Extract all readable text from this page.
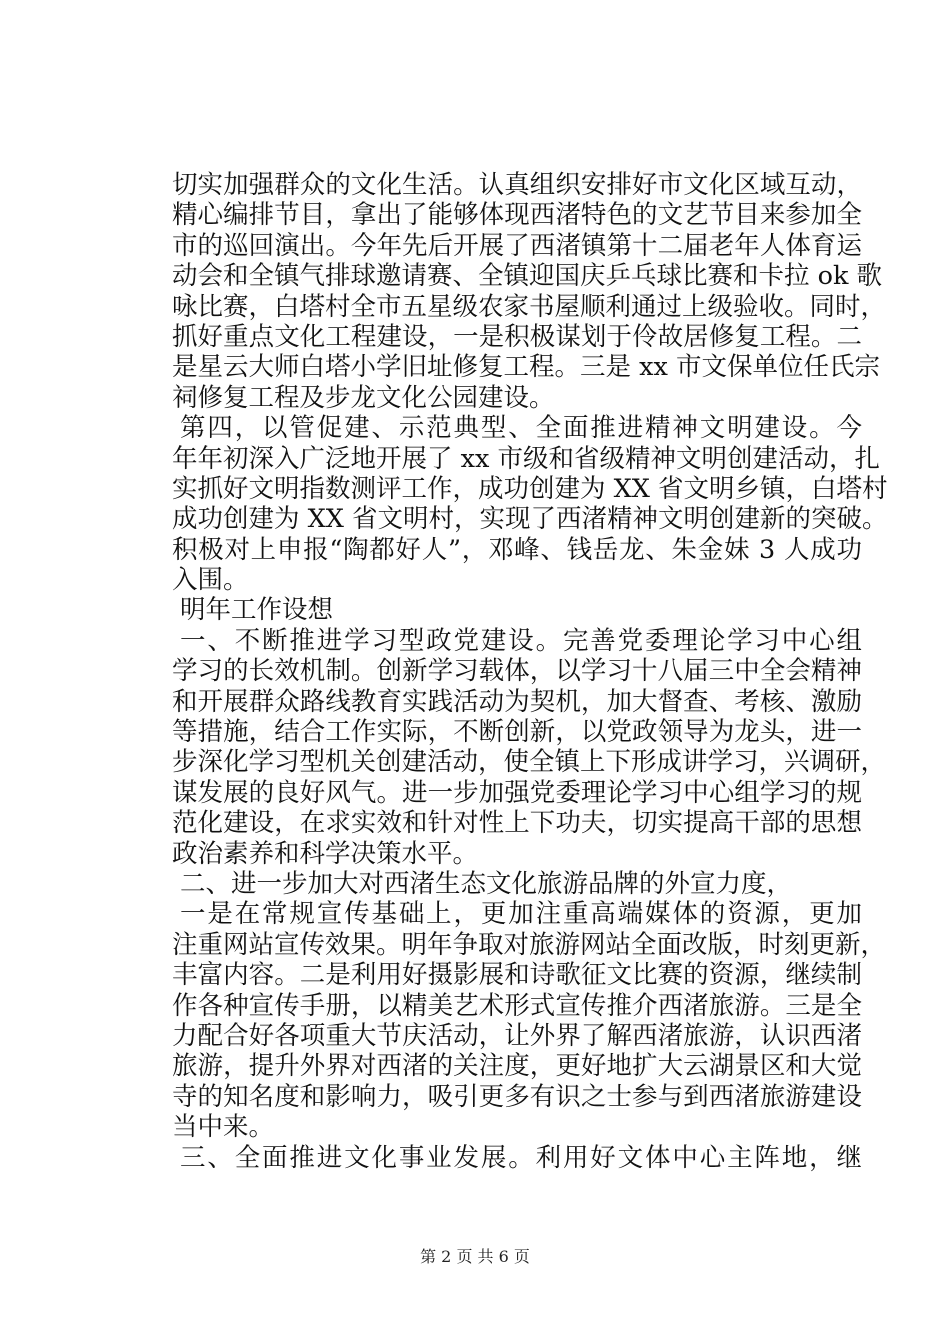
切实加强群众的文化生活。认真组织安排好市文化区域互动，
精心编排节目，拿出了能够体现西渚特色的文艺节目来参加全
市的巡回演出。今年先后开展了西渚镇第十二届老年人体育运
动会和全镇气排球邀请赛、全镇迎国庆乒乓球比赛和卡拉 ok 歌
咏比赛，白塔村全市五星级农家书屋顺利通过上级验收。同时，
抓好重点文化工程建设，一是积极谋划于伶故居修复工程。二
是星云大师白塔小学旧址修复工程。三是 xx 市文保单位任氏宗
祠修复工程及步龙文化公园建设。
第四，以管促建、示范典型、全面推进精神文明建设。今
年年初深入广泛地开展了 xx 市级和省级精神文明创建活动，扎
实抓好文明指数测评工作，成功创建为 XX 省文明乡镇，白塔村
成功创建为 XX 省文明村，实现了西渚精神文明创建新的突破。
积极对上申报“陶都好人”，邓峰、钱岳龙、朱金妹 3 人成功
入围。
明年工作设想
一、不断推进学习型政党建设。完善党委理论学习中心组
学习的长效机制。创新学习载体，以学习十八届三中全会精神
和开展群众路线教育实践活动为契机，加大督查、考核、激励
等措施，结合工作实际，不断创新，以党政领导为龙头，进一
步深化学习型机关创建活动，使全镇上下形成讲学习，兴调研，
谋发展的良好风气。进一步加强党委理论学习中心组学习的规
范化建设，在求实效和针对性上下功夫，切实提高干部的思想
政治素养和科学决策水平。
二、进一步加大对西渚生态文化旅游品牌的外宣力度，
一是在常规宣传基础上，更加注重高端媒体的资源，更加
注重网站宣传效果。明年争取对旅游网站全面改版，时刻更新，
丰富内容。二是利用好摄影展和诗歌征文比赛的资源，继续制
作各种宣传手册，以精美艺术形式宣传推介西渚旅游。三是全
力配合好各项重大节庆活动，让外界了解西渚旅游，认识西渚
旅游，提升外界对西渚的关注度，更好地扩大云湖景区和大觉
寺的知名度和影响力，吸引更多有识之士参与到西渚旅游建设
当中来。
三、全面推进文化事业发展。利用好文体中心主阵地，继
第 2 页 共 6 页
